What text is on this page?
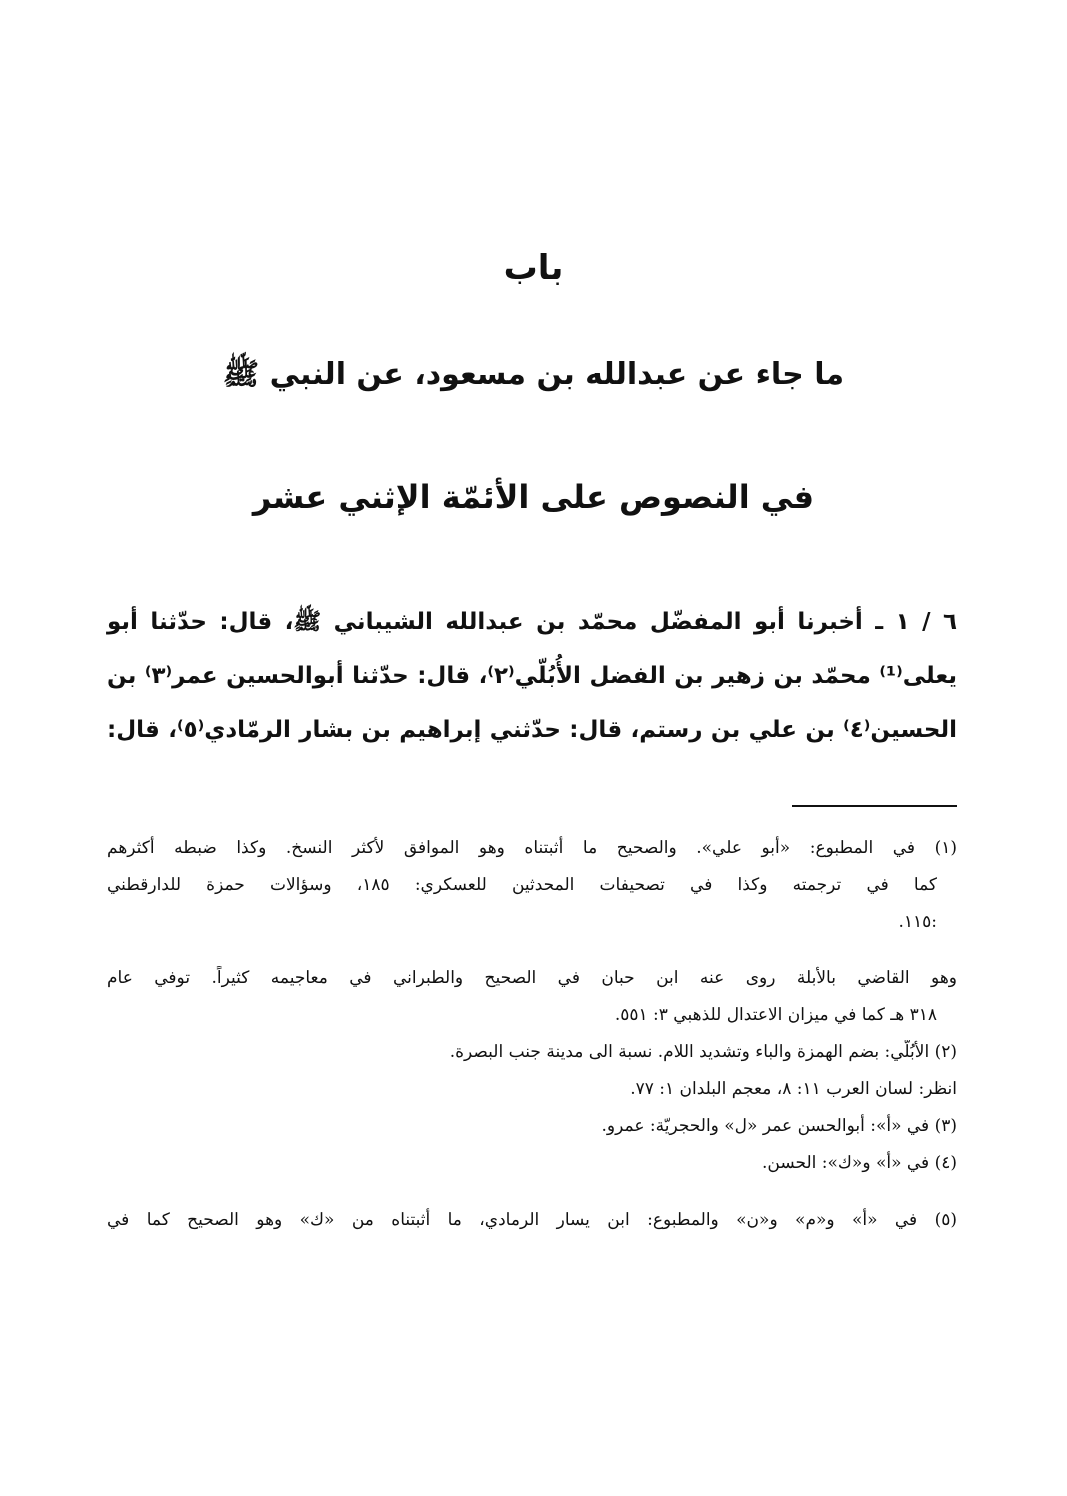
باب
ما جاء عن عبدالله بن مسعود، عن النبي ﷺ
في النصوص على الأئمّة الإثني عشر
٦ / ١ ـ أخبرنا أبو المفضّل محمّد بن عبدالله الشيباني ﷺ، قال: حدّثنا أبو
يعلى⁽¹⁾ محمّد بن زهير بن الفضل الأُبُلّي⁽٢⁾، قال: حدّثنا أبوالحسين عمر⁽٣⁾ بن
الحسين⁽٤⁾ بن علي بن رستم، قال: حدّثني إبراهيم بن بشار الرمّادي⁽٥⁾، قال:
(١) في المطبوع: «أبو علي». والصحيح ما أثبتناه وهو الموافق لأكثر النسخ. وكذا ضبطه أكثرهم
كما في ترجمته وكذا في تصحيفات المحدثين للعسكري: ١٨٥، وسؤالات حمزة للدارقطني
:١١٥.
وهو القاضي بالأبلة روى عنه ابن حبان في الصحيح والطبراني في معاجيمه كثيراً. توفي عام
٣١٨ هـ كما في ميزان الاعتدال للذهبي ٣: ٥٥١.
(٢) الأُبُلّي: بضم الهمزة والباء وتشديد اللام. نسبة الى مدينة جنب البصرة.
انظر: لسان العرب ١١: ٨، معجم البلدان ١: ٧٧.
(٣) في «أ»: أبوالحسن عمر «ل» والحجريّة: عمرو.
(٤) في «أ» و«ك»: الحسن.
(٥) في «أ» و«م» و«ن» والمطبوع: ابن يسار الرمادي، ما أثبتناه من «ك» وهو الصحيح كما في
